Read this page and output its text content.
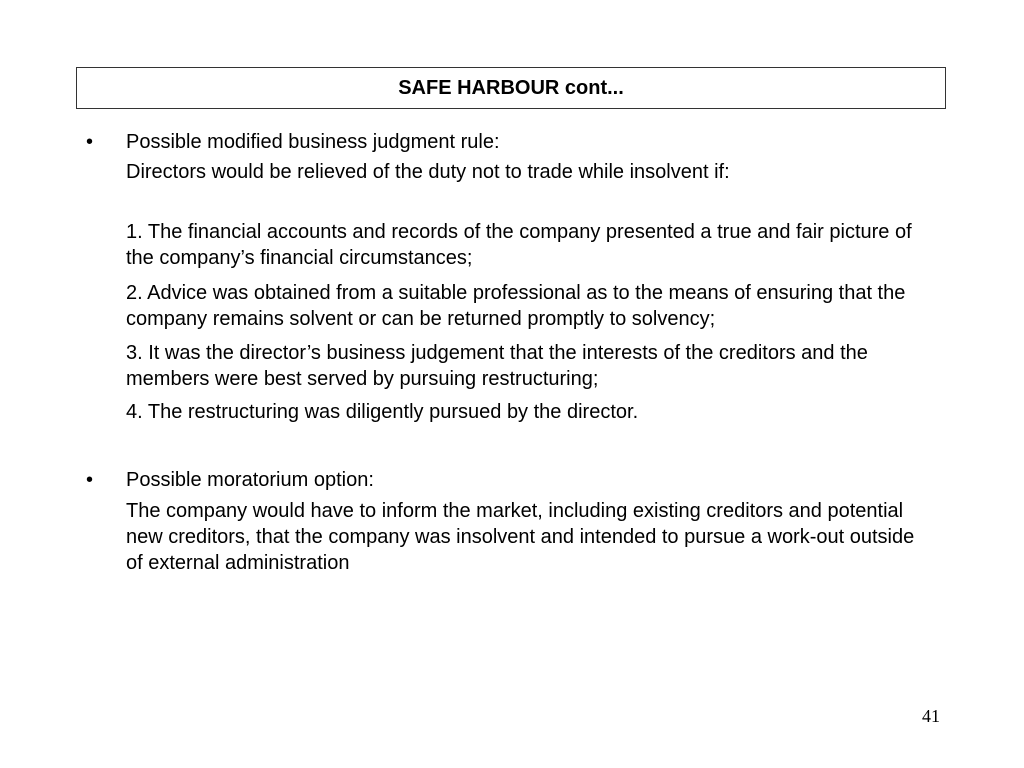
SAFE HARBOUR cont...
• Possible modified business judgment rule:
Directors would be relieved of the duty not to trade while insolvent if:
1. The financial accounts and records of the company presented a true and fair picture of the company’s financial circumstances;
2. Advice was obtained from a suitable professional as to the means of ensuring that the company remains solvent or can be returned promptly to solvency;
3. It was the director’s business judgement that the interests of the creditors and the members were best served by pursuing restructuring;
4. The restructuring was diligently pursued by the director.
• Possible moratorium option:
The company would have to inform the market, including existing creditors and potential new creditors, that the company was insolvent and intended to pursue a work-out outside of external administration
41
